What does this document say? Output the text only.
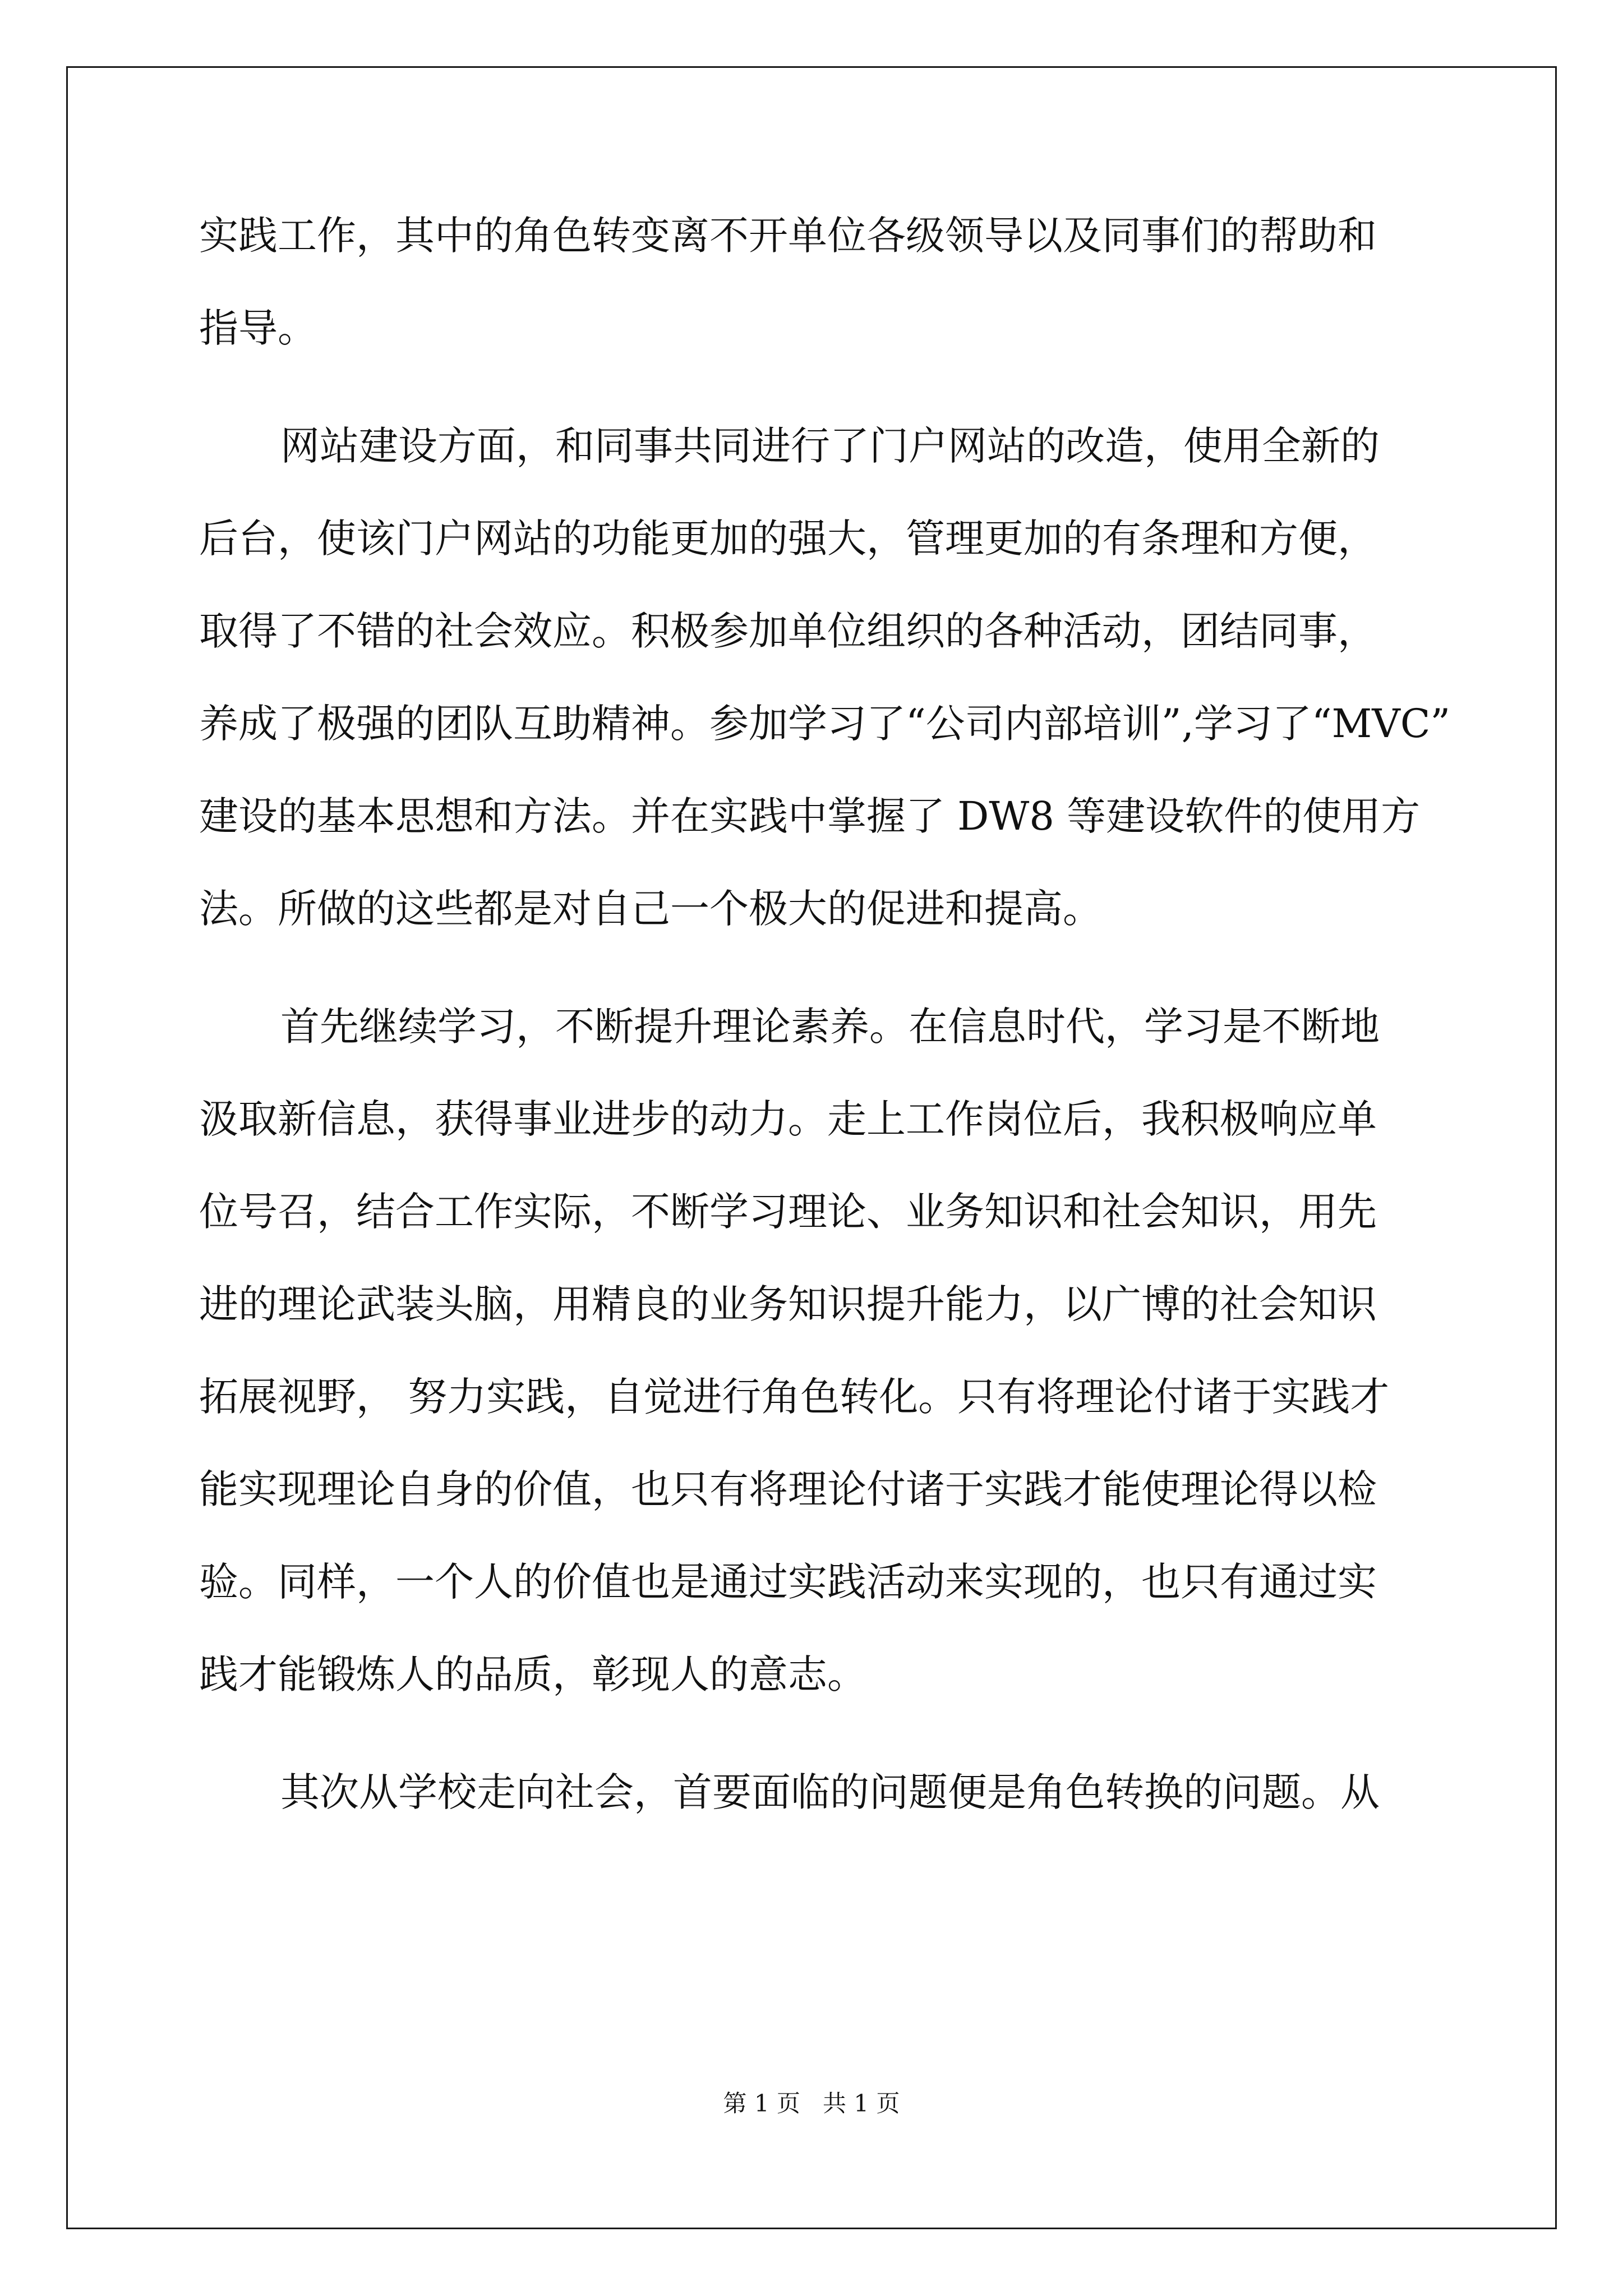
实践工作，其中的角色转变离不开单位各级领导以及同事们的帮助和
指导。
网站建设方面，和同事共同进行了门户网站的改造，使用全新的
后台，使该门户网站的功能更加的强大，管理更加的有条理和方便，
取得了不错的社会效应。积极参加单位组织的各种活动，团结同事，
养成了极强的团队互助精神。参加学习了“公司内部培训”,学习了“MVC”
建设的基本思想和方法。并在实践中掌握了 DW8 等建设软件的使用方
法。所做的这些都是对自己一个极大的促进和提高。
首先继续学习，不断提升理论素养。在信息时代，学习是不断地
汲取新信息，获得事业进步的动力。走上工作岗位后，我积极响应单
位号召，结合工作实际，不断学习理论、业务知识和社会知识，用先
进的理论武装头脑，用精良的业务知识提升能力，以广博的社会知识
拓展视野， 努力实践，自觉进行角色转化。只有将理论付诸于实践才
能实现理论自身的价值，也只有将理论付诸于实践才能使理论得以检
验。同样，一个人的价值也是通过实践活动来实现的，也只有通过实
践才能锻炼人的品质，彰现人的意志。
其次从学校走向社会，首要面临的问题便是角色转换的问题。从
第 1 页   共 1 页
